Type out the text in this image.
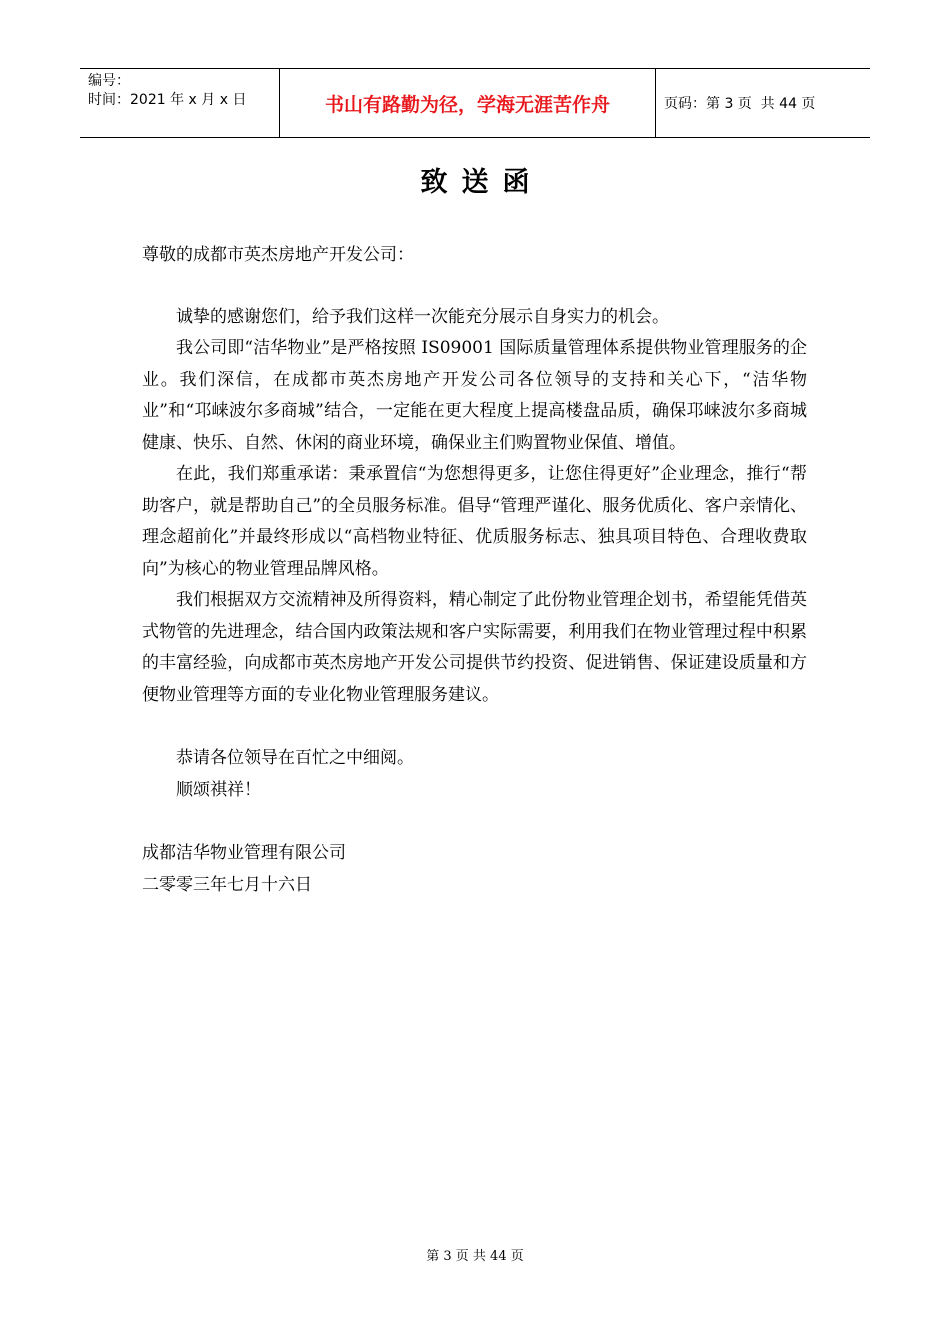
编号：
时间：2021 年 x 月 x 日	书山有路勤为径，学海无涯苦作舟	页码：第 3 页  共 44 页
致送函

尊敬的成都市英杰房地产开发公司：

诚挚的感谢您们，给予我们这样一次能充分展示自身实力的机会。

我公司即“洁华物业”是严格按照 IS09001 国际质量管理体系提供物业管理服务的企业。我们深信，在成都市英杰房地产开发公司各位领导的支持和关心下，“洁华物业”和“邛崃波尔多商城”结合，一定能在更大程度上提高楼盘品质，确保邛崃波尔多商城健康、快乐、自然、休闲的商业环境，确保业主们购置物业保值、增值。

在此，我们郑重承诺：秉承置信“为您想得更多，让您住得更好”企业理念，推行“帮助客户，就是帮助自己”的全员服务标准。倡导“管理严谨化、服务优质化、客户亲情化、理念超前化”并最终形成以“高档物业特征、优质服务标志、独具项目特色、合理收费取向”为核心的物业管理品牌风格。

我们根据双方交流精神及所得资料，精心制定了此份物业管理企划书，希望能凭借英式物管的先进理念，结合国内政策法规和客户实际需要，利用我们在物业管理过程中积累的丰富经验，向成都市英杰房地产开发公司提供节约投资、促进销售、保证建设质量和方便物业管理等方面的专业化物业管理服务建议。

恭请各位领导在百忙之中细阅。

顺颂祺祥！

成都洁华物业管理有限公司

二零零三年七月十六日

第 3 页 共 44 页
